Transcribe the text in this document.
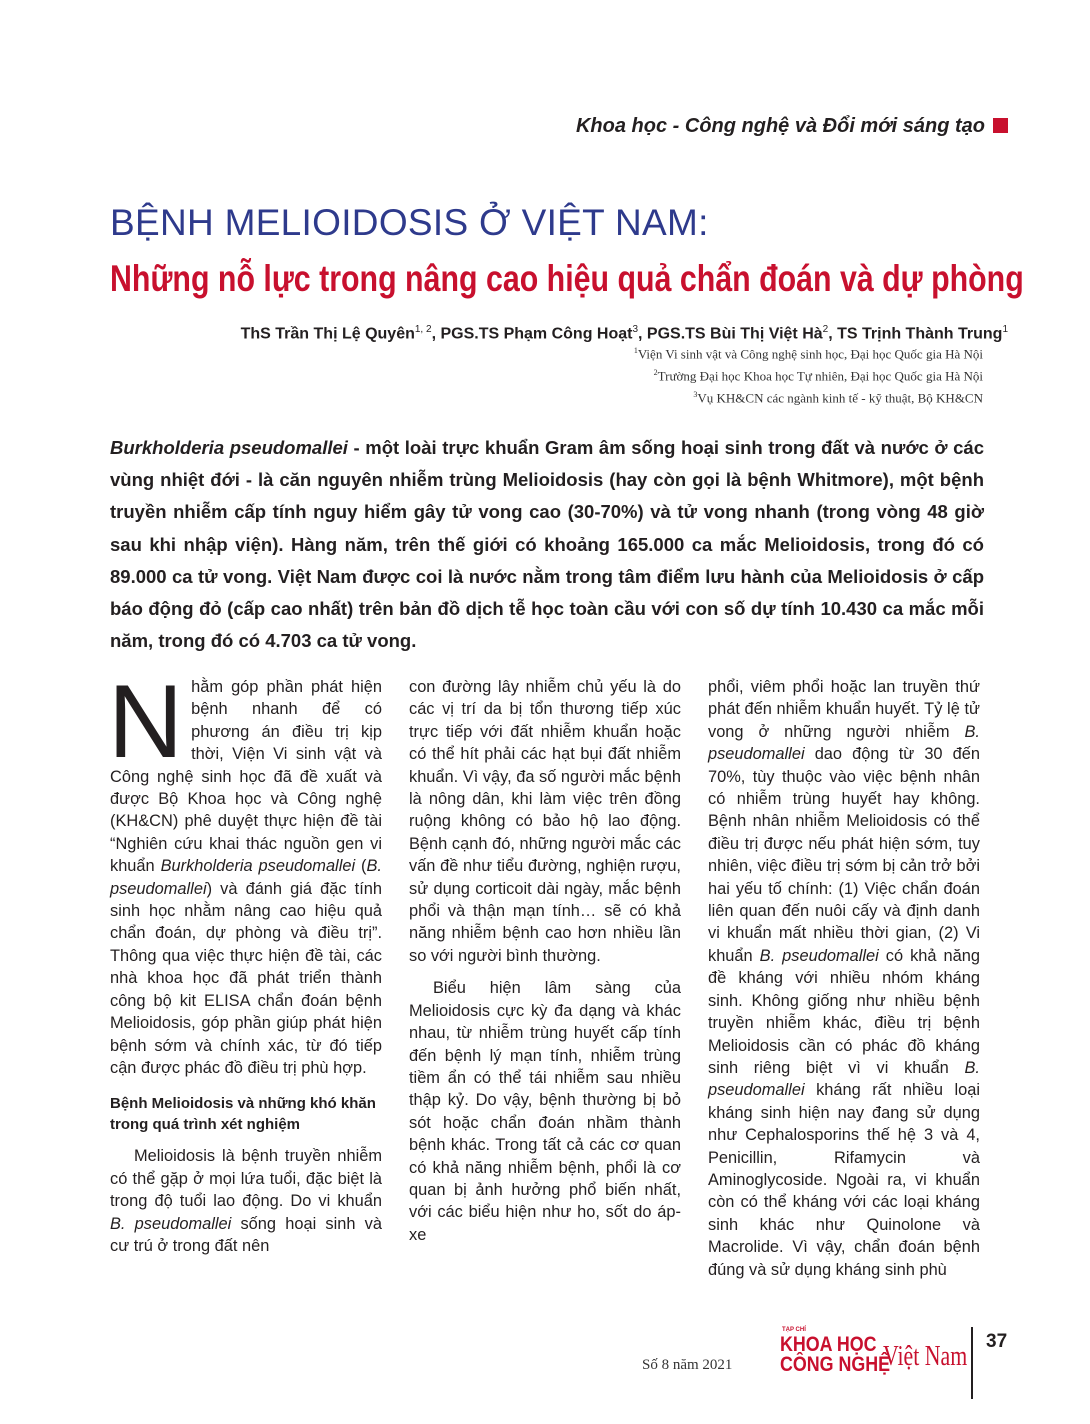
Khoa học - Công nghệ và Đổi mới sáng tạo
BỆNH MELIOIDOSIS Ở VIỆT NAM:
Những nỗ lực trong nâng cao hiệu quả chẩn đoán và dự phòng
ThS Trần Thị Lệ Quyên$^{1, 2}$, PGS.TS Phạm Công Hoạt$^3$, PGS.TS Bùi Thị Việt $Hà^2$, TS Trịnh Thành Trung$^1$
$^1$Viện Vi sinh vật và Công nghệ sinh học, Đại học Quốc gia Hà Nội
$^2$Trường Đại học Khoa học Tự nhiên, Đại học Quốc gia Hà Nội
$^3$Vụ KH&CN các ngành kinh tế - kỹ thuật, Bộ KH&CN
Burkholderia pseudomallei - một loài trực khuẩn Gram âm sống hoại sinh trong đất và nước ở các vùng nhiệt đới - là căn nguyên nhiễm trùng Melioidosis (hay còn gọi là bệnh Whitmore), một bệnh truyền nhiễm cấp tính nguy hiểm gây tử vong cao (30-70%) và tử vong nhanh (trong vòng 48 giờ sau khi nhập viện). Hàng năm, trên thế giới có khoảng 165.000 ca mắc Melioidosis, trong đó có 89.000 ca tử vong. Việt Nam được coi là nước nằm trong tâm điểm lưu hành của Melioidosis ở cấp báo động đỏ (cấp cao nhất) trên bản đồ dịch tễ học toàn cầu với con số dự tính 10.430 ca mắc mỗi năm, trong đó có 4.703 ca tử vong.

Nhằm góp phần phát hiện bệnh nhanh để có phương án điều trị kịp thời, Viện Vi sinh vật và Công nghệ sinh học đã đề xuất và được Bộ Khoa học và Công nghệ (KH&CN) phê duyệt thực hiện đề tài “Nghiên cứu khai thác nguồn gen vi khuẩn Burkholderia pseudomallei (B. pseudomallei) và đánh giá đặc tính sinh học nhằm nâng cao hiệu quả chẩn đoán, dự phòng và điều trị”. Thông qua việc thực hiện đề tài, các nhà khoa học đã phát triển thành công bộ kit ELISA chẩn đoán bệnh Melioidosis, góp phần giúp phát hiện bệnh sớm và chính xác, từ đó tiếp cận được phác đồ điều trị phù hợp.

Bệnh Melioidosis và những khó khăn trong quá trình xét nghiệm

Melioidosis là bệnh truyền nhiễm có thể gặp ở mọi lứa tuổi, đặc biệt là trong độ tuổi lao động. Do vi khuẩn B. pseudomallei sống hoại sinh và cư trú ở trong đất nên

con đường lây nhiễm chủ yếu là do các vị trí da bị tổn thương tiếp xúc trực tiếp với đất nhiễm khuẩn hoặc có thể hít phải các hạt bụi đất nhiễm khuẩn. Vì vậy, đa số người mắc bệnh là nông dân, khi làm việc trên đồng ruộng không có bảo hộ lao động. Bệnh cạnh đó, những người mắc các vấn đề như tiểu đường, nghiện rượu, sử dụng corticoit dài ngày, mắc bệnh phổi và thận mạn tính… sẽ có khả năng nhiễm bệnh cao hơn nhiều lần so với người bình thường.

Biểu hiện lâm sàng của Melioidosis cực kỳ đa dạng và khác nhau, từ nhiễm trùng huyết cấp tính đến bệnh lý mạn tính, nhiễm trùng tiềm ẩn có thể tái nhiễm sau nhiều thập kỷ. Do vậy, bệnh thường bị bỏ sót hoặc chẩn đoán nhầm thành bệnh khác. Trong tất cả các cơ quan có khả năng nhiễm bệnh, phổi là cơ quan bị ảnh hưởng phổ biến nhất, với các biểu hiện như ho, sốt do áp-xe

phổi, viêm phổi hoặc lan truyền thứ phát đến nhiễm khuẩn huyết. Tỷ lệ tử vong ở những người nhiễm B. pseudomallei dao động từ 30 đến 70%, tùy thuộc vào việc bệnh nhân có nhiễm trùng huyết hay không. Bệnh nhân nhiễm Melioidosis có thể điều trị được nếu phát hiện sớm, tuy nhiên, việc điều trị sớm bị cản trở bởi hai yếu tố chính: (1) Việc chẩn đoán liên quan đến nuôi cấy và định danh vi khuẩn mất nhiều thời gian, (2) Vi khuẩn B. pseudomallei có khả năng đề kháng với nhiều nhóm kháng sinh. Không giống như nhiều bệnh truyền nhiễm khác, điều trị bệnh Melioidosis cần có phác đồ kháng sinh riêng biệt vì vi khuẩn B. pseudomallei kháng rất nhiều loại kháng sinh hiện nay đang sử dụng như Cephalosporins thế hệ 3 và 4, Penicillin, Rifamycin và Aminoglycoside. Ngoài ra, vi khuẩn còn có thể kháng với các loại kháng sinh khác như Quinolone và Macrolide. Vì vậy, chẩn đoán bệnh đúng và sử dụng kháng sinh phù

Số 8 năm 2021
TẠP CHÍ
KHOA HỌC
CÔNG NGHỆ
Việt Nam 37
